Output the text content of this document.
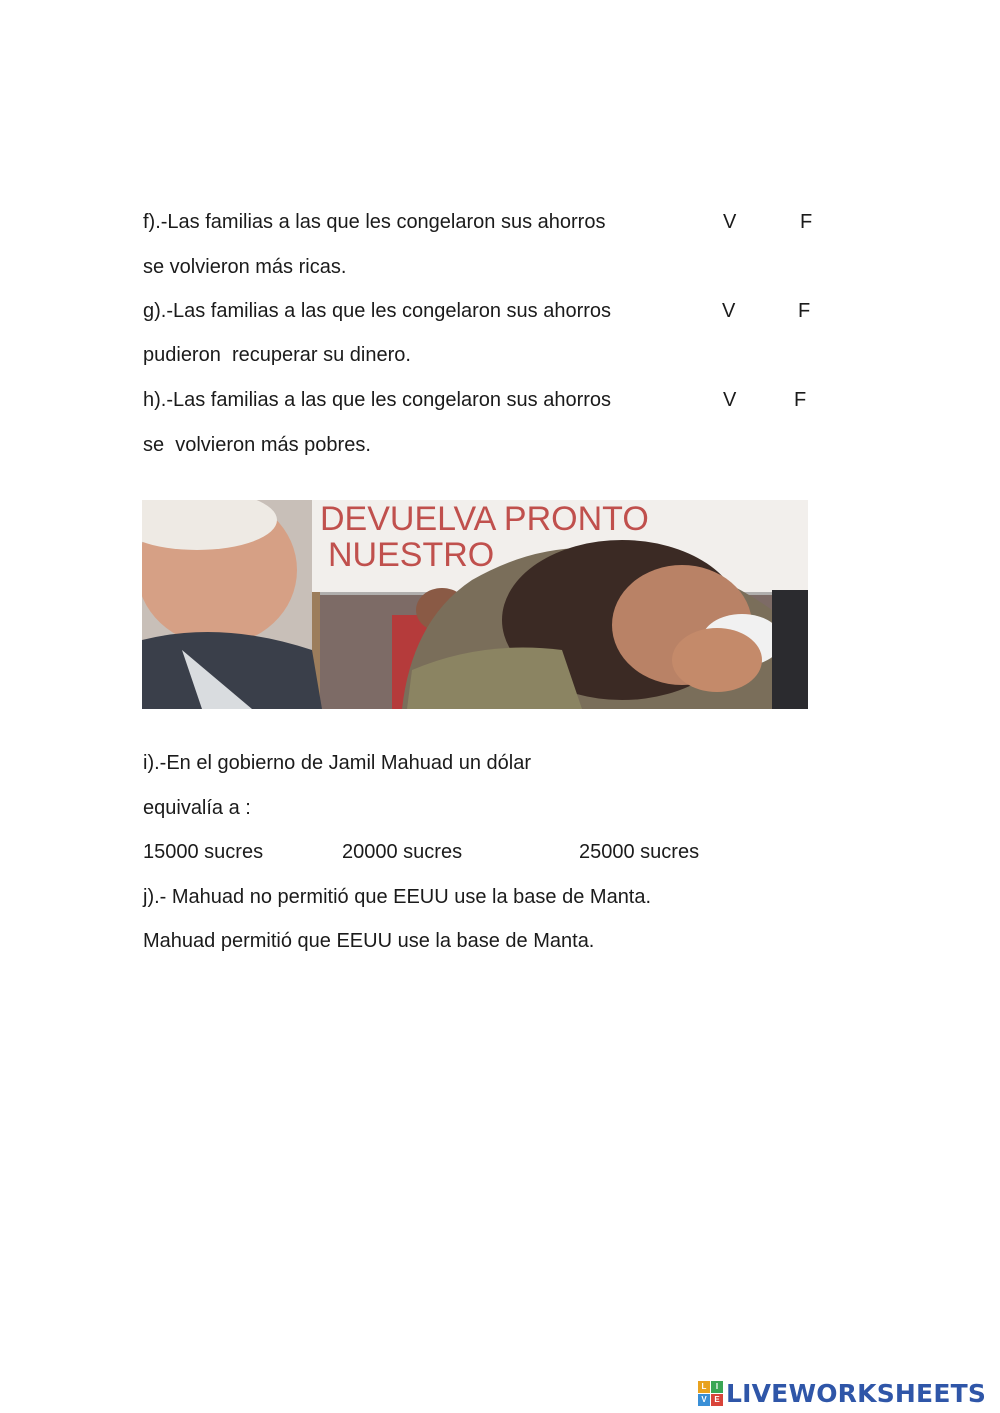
f).-Las familias a las que les congelaron sus ahorros	V	F
se volvieron más ricas.
g).-Las familias a las que les congelaron sus ahorros	V	F
pudieron  recuperar su dinero.
h).-Las familias a las que les congelaron sus ahorros	V	F
se  volvieron más pobres.
DEVUELVA PRONTO
NUESTRO
i).-En el gobierno de Jamil Mahuad un dólar
equivalía a :
15000 sucres	20000 sucres	25000 sucres
j).- Mahuad no permitió que EEUU use la base de Manta.
Mahuad permitió que EEUU use la base de Manta.
L	I
V E LIVEWORKSHEETS
